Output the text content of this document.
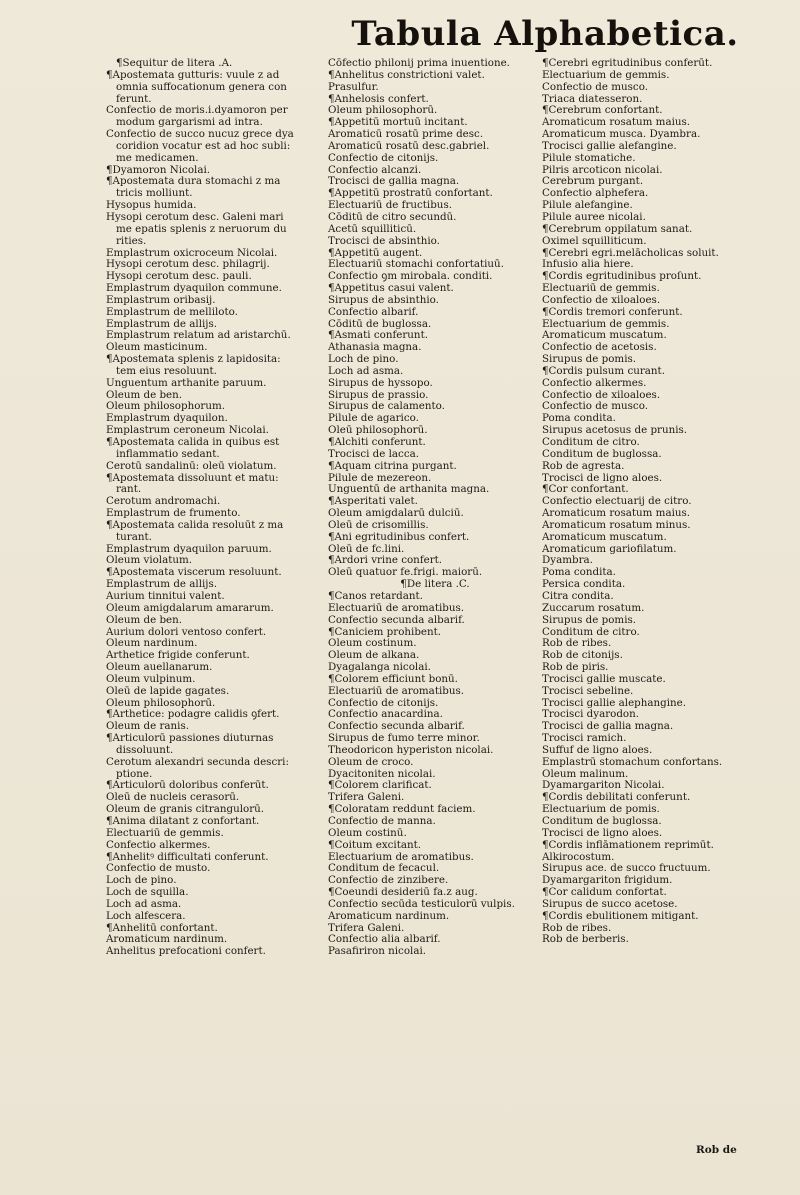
Tabula Alphabetica.
¶Sequitur de litera .A.
¶Apostemata gutturis: vuule z ad
omnia suffocationum genera con
ferunt.
Confectio de moris.i.dyamoron per
modum gargarismi ad intra.
Confectio de succo nucuz grece dya
coridion vocatur est ad hoc subli:
me medicamen.
¶Dyamoron Nicolai.
¶Apostemata dura stomachi z ma
tricis molliunt.
Hysopus humida.
Hysopi cerotum desc. Galeni mari
me epatis splenis z neruorum du
rities.
Emplastrum oxicroceum Nicolai.
Hysopi cerotum desc. philagrij.
Hysopi cerotum desc. pauli.
Emplastrum dyaquilon commune.
Emplastrum oribasij.
Emplastrum de melliloto.
Emplastrum de allijs.
Emplastrum relatum ad aristarchū.
Oleum masticinum.
¶Apostemata splenis z lapidosita:
tem eius resoluunt.
Unguentum arthanite paruum.
Oleum de ben.
Oleum philosophorum.
Emplastrum dyaquilon.
Emplastrum ceroneum Nicolai.
¶Apostemata calida in quibus est
inflammatio sedant.
Cerotū sandalinū: oleū violatum.
¶Apostemata dissoluunt et matu:
rant.
Cerotum andromachi.
Emplastrum de frumento.
¶Apostemata calida resoluūt z ma
turant.
Emplastrum dyaquilon paruum.
Oleum violatum.
¶Apostemata viscerum resoluunt.
Emplastrum de allijs.
Aurium tinnitui valent.
Oleum amigdalarum amararum.
Oleum de ben.
Aurium dolori ventoso confert.
Oleum nardinum.
Arthetice frigide conferunt.
Oleum auellanarum.
Oleum vulpinum.
Oleū de lapide gagates.
Oleum philosophorū.
¶Arthetice: podagre calidis ꝯfert.
Oleum de ranis.
¶Articulorū passiones diuturnas
dissoluunt.
Cerotum alexandri secunda descri:
ptione.
¶Articulorū doloribus conferūt.
Oleū de nucleis cerasorū.
Oleum de granis citrangulorū.
¶Anima dilatant z confortant.
Electuariū de gemmis.
Confectio alkermes.
¶Anhelitꝰ difficultati conferunt.
Confectio de musto.
Loch de pino.
Loch de squilla.
Loch ad asma.
Loch alfescera.
¶Anhelitū confortant.
Aromaticum nardinum.
Anhelitus prefocationi confert.
Cōfectio philonij prima inuentione.
¶Anhelitus constrictioni valet.
Prasulfur.
¶Anhelosis confert.
Oleum philosophorū.
¶Appetitū mortuū incitant.
Aromaticū rosatū prime desc.
Aromaticū rosatū desc.gabriel.
Confectio de citonijs.
Confectio alcanzi.
Trocisci de gallia magna.
¶Appetitū prostratū confortant.
Electuariū de fructibus.
Cōditū de citro secundū.
Acetū squilliticū.
Trocisci de absinthio.
¶Appetitū augent.
Electuariū stomachi confortatiuū.
Confectio ꝯm mirobala. conditi.
¶Appetitus casui valent.
Sirupus de absinthio.
Confectio albarif.
Cōditū de buglossa.
¶Asmati conferunt.
Athanasia magna.
Loch de pino.
Loch ad asma.
Sirupus de hyssopo.
Sirupus de prassio.
Sirupus de calamento.
Pilule de agarico.
Oleū philosophorū.
¶Alchiti conferunt.
Trocisci de lacca.
¶Aquam citrina purgant.
Pilule de mezereon.
Unguentū de arthanita magna.
¶Asperitati valet.
Oleum amigdalarū dulciū.
Oleū de crisomillis.
¶Ani egritudinibus confert.
Oleū de fc.lini.
¶Ardori vrine confert.
Oleū quatuor fe.frigi. maiorū.
¶De litera .C.
¶Canos retardant.
Electuariū de aromatibus.
Confectio secunda albarif.
¶Caniciem prohibent.
Oleum costinum.
Oleum de alkana.
Dyagalanga nicolai.
¶Colorem efficiunt bonū.
Electuariū de aromatibus.
Confectio de citonijs.
Confectio anacardina.
Confectio secunda albarif.
Sirupus de fumo terre minor.
Theodoricon hyperiston nicolai.
Oleum de croco.
Dyacitoniten nicolai.
¶Colorem clarificat.
Trifera Galeni.
¶Coloratam reddunt faciem.
Confectio de manna.
Oleum costinū.
¶Coitum excitant.
Electuarium de aromatibus.
Conditum de fecacul.
Confectio de zinzibere.
¶Coeundi desideriū fa.z aug.
Confectio secūda testiculorū vulpis.
Aromaticum nardinum.
Trifera Galeni.
Confectio alia albarif.
Pasafiriron nicolai.
¶Cerebri egritudinibus conferūt.
Electuarium de gemmis.
Confectio de musco.
Triaca diatesseron.
¶Cerebrum confortant.
Aromaticum rosatum maius.
Aromaticum musca. Dyambra.
Trocisci gallie alefangine.
Pilule stomatiche.
Pilris arcoticon nicolai.
Cerebrum purgant.
Confectio alphefera.
Pilule alefangine.
Pilule auree nicolai.
¶Cerebrum oppilatum sanat.
Oximel squilliticum.
¶Cerebri egri.melācholicas soluit.
Infusio alia hiere.
¶Cordis egritudinibus proſunt.
Electuariū de gemmis.
Confectio de xiloaloes.
¶Cordis tremori conferunt.
Electuarium de gemmis.
Aromaticum muscatum.
Confectio de acetosis.
Sirupus de pomis.
¶Cordis pulsum curant.
Confectio alkermes.
Confectio de xiloaloes.
Confectio de musco.
Poma condita.
Sirupus acetosus de prunis.
Conditum de citro.
Conditum de buglossa.
Rob de agresta.
Trocisci de ligno aloes.
¶Cor confortant.
Confectio electuarij de citro.
Aromaticum rosatum maius.
Aromaticum rosatum minus.
Aromaticum muscatum.
Aromaticum gariofilatum.
Dyambra.
Poma condita.
Persica condita.
Citra condita.
Zuccarum rosatum.
Sirupus de pomis.
Conditum de citro.
Rob de ribes.
Rob de citonijs.
Rob de piris.
Trocisci gallie muscate.
Trocisci sebeline.
Trocisci gallie alephangine.
Trocisci dyarodon.
Trocisci de gallia magna.
Trocisci ramich.
Suffuf de ligno aloes.
Emplastrū stomachum confortans.
Oleum malinum.
Dyamargariton Nicolai.
¶Cordis debilitati conferunt.
Electuarium de pomis.
Conditum de buglossa.
Trocisci de ligno aloes.
¶Cordis inflāmationem reprimūt.
Alkirocostum.
Sirupus ace. de succo fructuum.
Dyamargariton frigidum.
¶Cor calidum confortat.
Sirupus de succo acetose.
¶Cordis ebulitionem mitigant.
Rob de ribes.
Rob de berberis.
Rob de
